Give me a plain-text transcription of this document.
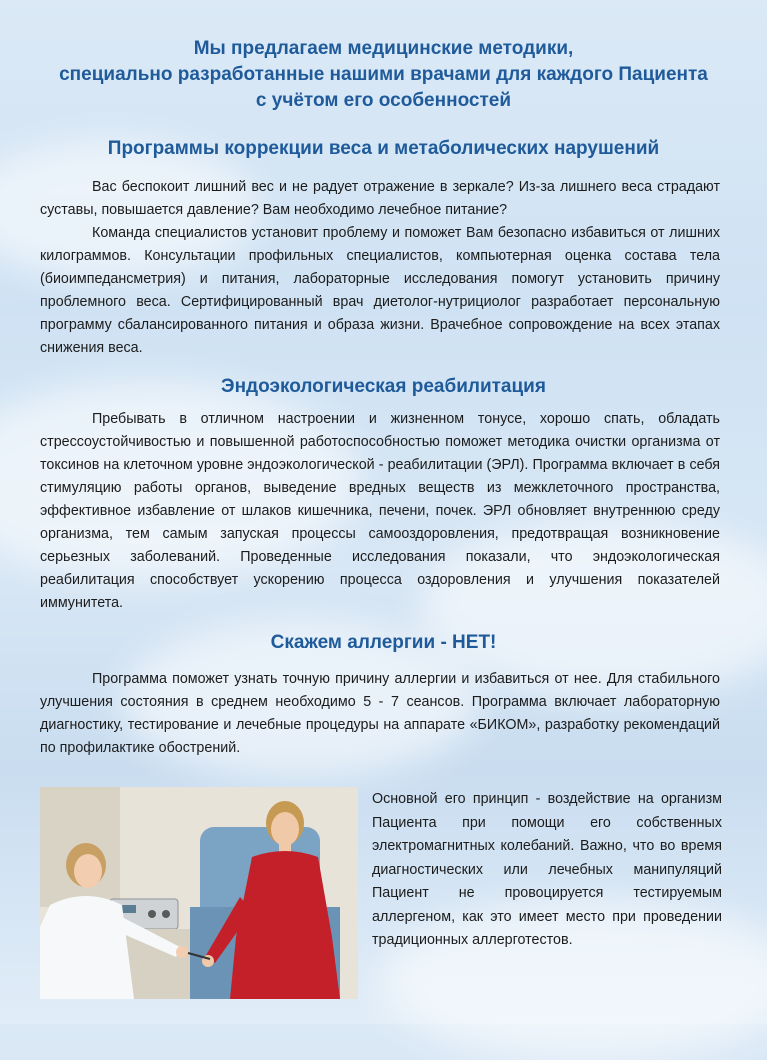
Мы предлагаем медицинские методики,
специально разработанные нашими врачами для каждого Пациента
с учётом его особенностей
Программы коррекции веса и метаболических нарушений

Вас беспокоит лишний вес и не радует отражение в зеркале? Из-за лишнего веса страдают суставы, повышается давление? Вам необходимо лечебное питание?

Команда специалистов установит проблему и поможет Вам безопасно избавиться от лишних килограммов. Консультации профильных специалистов, компьютерная оценка состава тела (биоимпедансметрия) и питания, лабораторные исследования помогут установить причину проблемного веса. Сертифицированный врач диетолог-нутрициолог разработает персональную программу сбалансированного питания и образа жизни. Врачебное сопровождение на всех этапах снижения веса.

Эндоэкологическая реабилитация

Пребывать в отличном настроении и жизненном тонусе, хорошо спать, обладать стрессоустойчивостью и повышенной работоспособностью поможет методика очистки организма от токсинов на клеточном уровне эндоэкологической - реабилитации (ЭРЛ). Программа включает в себя стимуляцию работы органов, выведение вредных веществ из межклеточного пространства, эффективное избавление от шлаков кишечника, печени, почек. ЭРЛ обновляет внутреннюю среду организма, тем самым запуская процессы самооздоровления, предотвращая возникновение серьезных заболеваний. Проведенные исследования показали, что эндоэкологическая реабилитация способствует ускорению процесса оздоровления и улучшения показателей иммунитета.

Скажем аллергии - НЕТ!

Программа поможет узнать точную причину аллергии и избавиться от нее. Для стабильного улучшения состояния в среднем необходимо 5 - 7 сеансов. Программа включает лабораторную диагностику, тестирование и лечебные процедуры на аппарате «БИКОМ», разработку рекомендаций по профилактике обострений.

Основной его принцип - воздействие на организм Пациента при помощи его собственных электромагнитных колебаний. Важно, что во время диагностических или лечебных манипуляций Пациент не провоцируется тестируемым аллергеном, как это имеет место при проведении традиционных аллерготестов.
